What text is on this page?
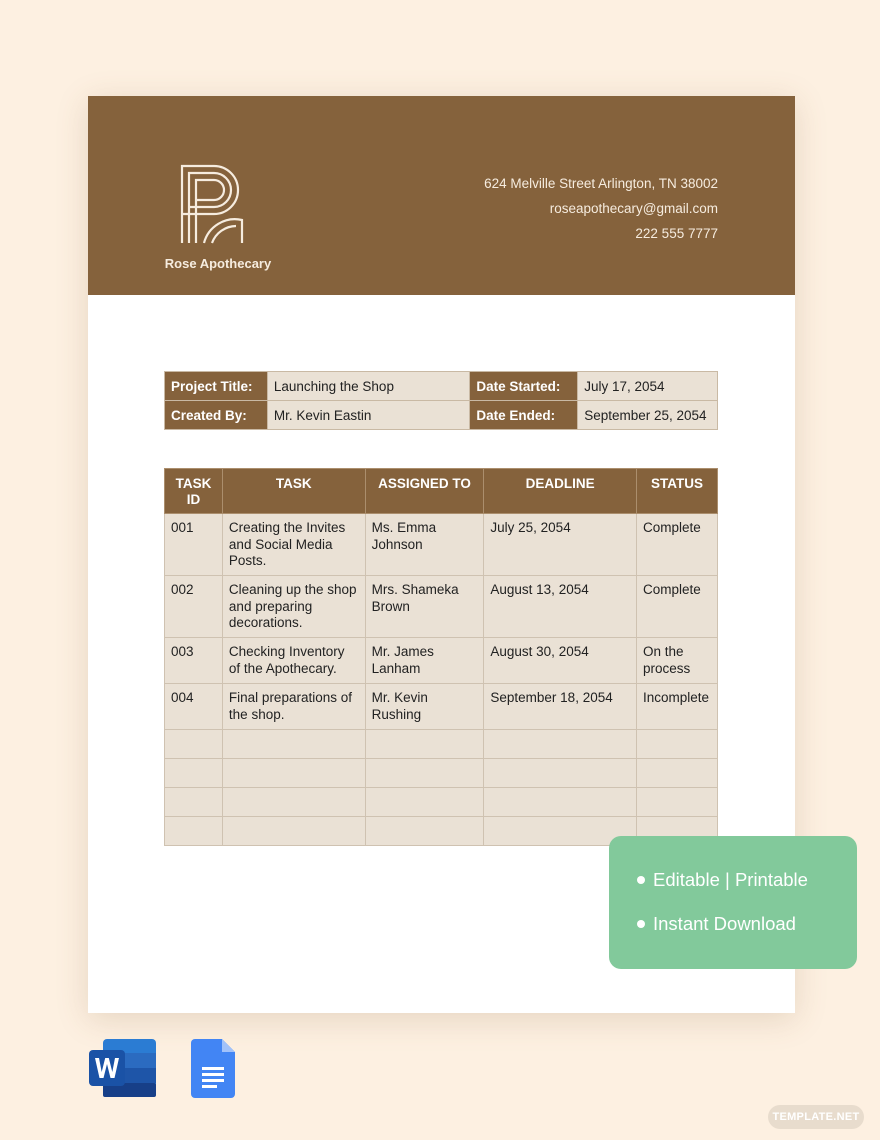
Rose Apothecary
624 Melville Street Arlington, TN 38002
roseapothecary@gmail.com
222 555 7777
Project Title:	Launching the Shop	Date Started:	July 17, 2054
Created By:	Mr. Kevin Eastin	Date Ended:	September 25, 2054
TASK ID	TASK	ASSIGNED TO	DEADLINE	STATUS
001	Creating the Invites and Social Media Posts.	Ms. Emma Johnson	July 25, 2054	Complete
002	Cleaning up the shop and preparing decorations.	Mrs. Shameka Brown	August 13, 2054	Complete
003	Checking Inventory of the Apothecary.	Mr. James Lanham	August 30, 2054	On the process
004	Final preparations of the shop.	Mr. Kevin Rushing	September 18, 2054	Incomplete

Editable | Printable
Instant Download
TEMPLATE.NET
